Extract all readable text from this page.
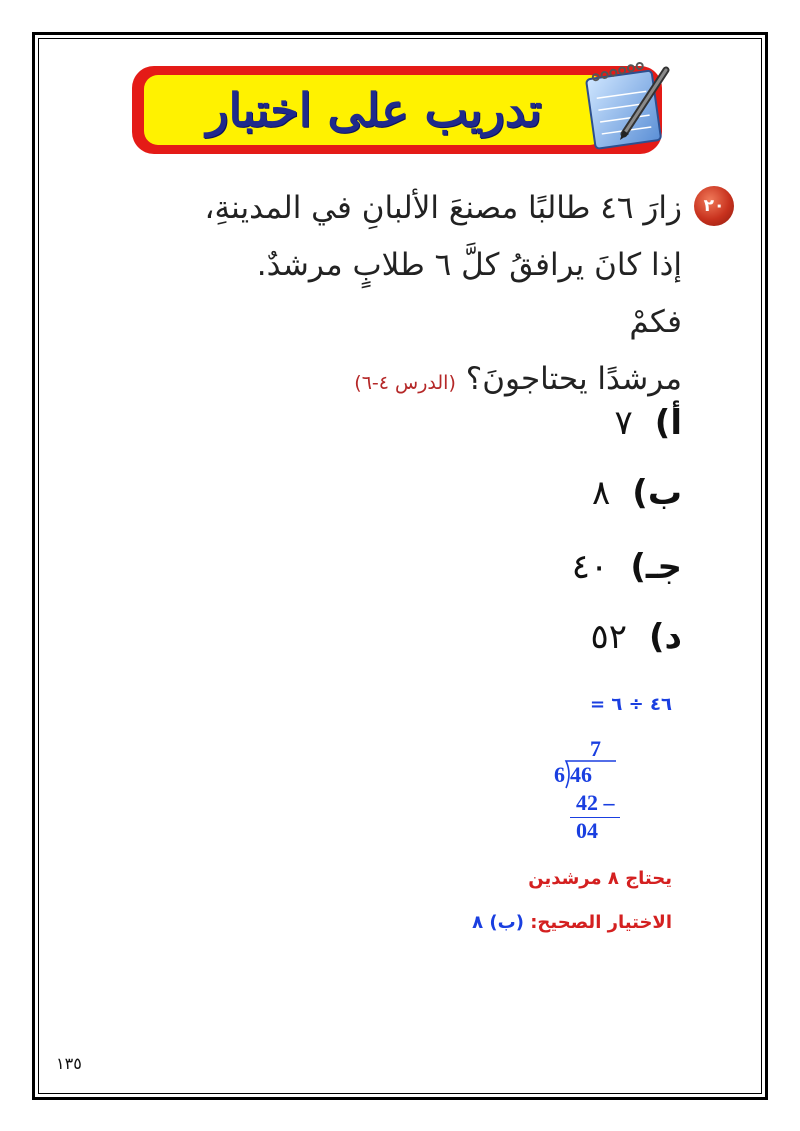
تدريب على اختبار
٢٠
زارَ ٤٦ طالبًا مصنعَ الألبانِ في المدينةِ،
إذا كانَ يرافقُ كلَّ ٦ طلابٍ مرشدٌ. فكمْ
مرشدًا يحتاجونَ؟ (الدرس ٤-٦)
أ)٧
ب)٨
جـ)٤٠
د)٥٢
٤٦ ÷ ٦ =
7
6 46
42 –
04
يحتاج ٨ مرشدين
الاختيار الصحيح: (ب) ٨
١٣٥
